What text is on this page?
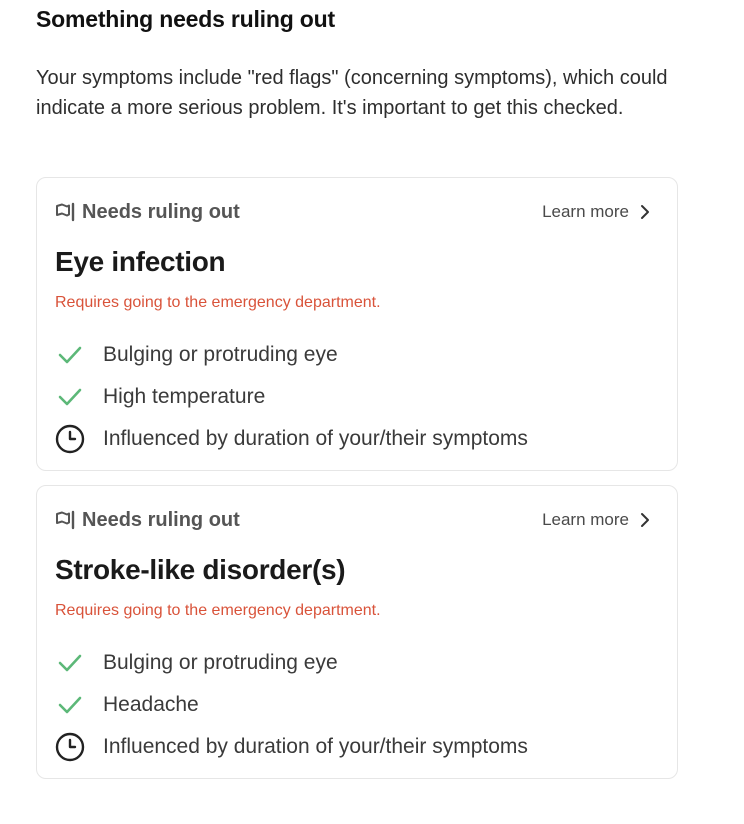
Something needs ruling out

Your symptoms include "red flags" (concerning symptoms), which could indicate a more serious problem. It's important to get this checked.

Needs ruling out	Learn more
Eye infection
Requires going to the emergency department.
Bulging or protruding eye
High temperature
Influenced by duration of your/their symptoms
Needs ruling out	Learn more
Stroke-like disorder(s)
Requires going to the emergency department.
Bulging or protruding eye
Headache
Influenced by duration of your/their symptoms
